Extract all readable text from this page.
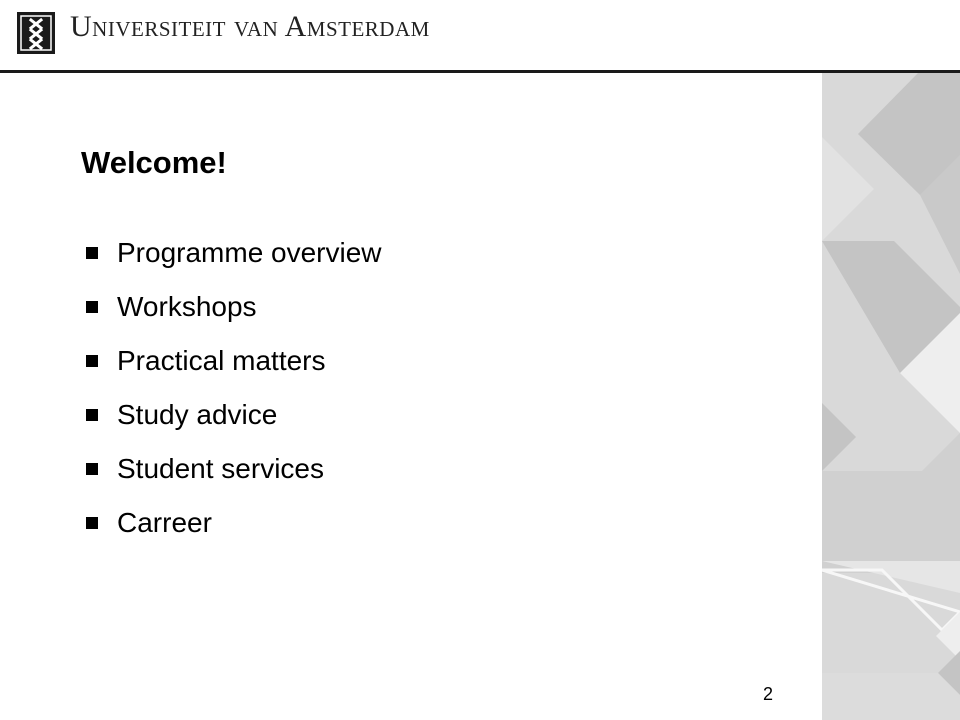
Universiteit van Amsterdam
Welcome!
Programme overview
Workshops
Practical matters
Study advice
Student services
Carreer
2
